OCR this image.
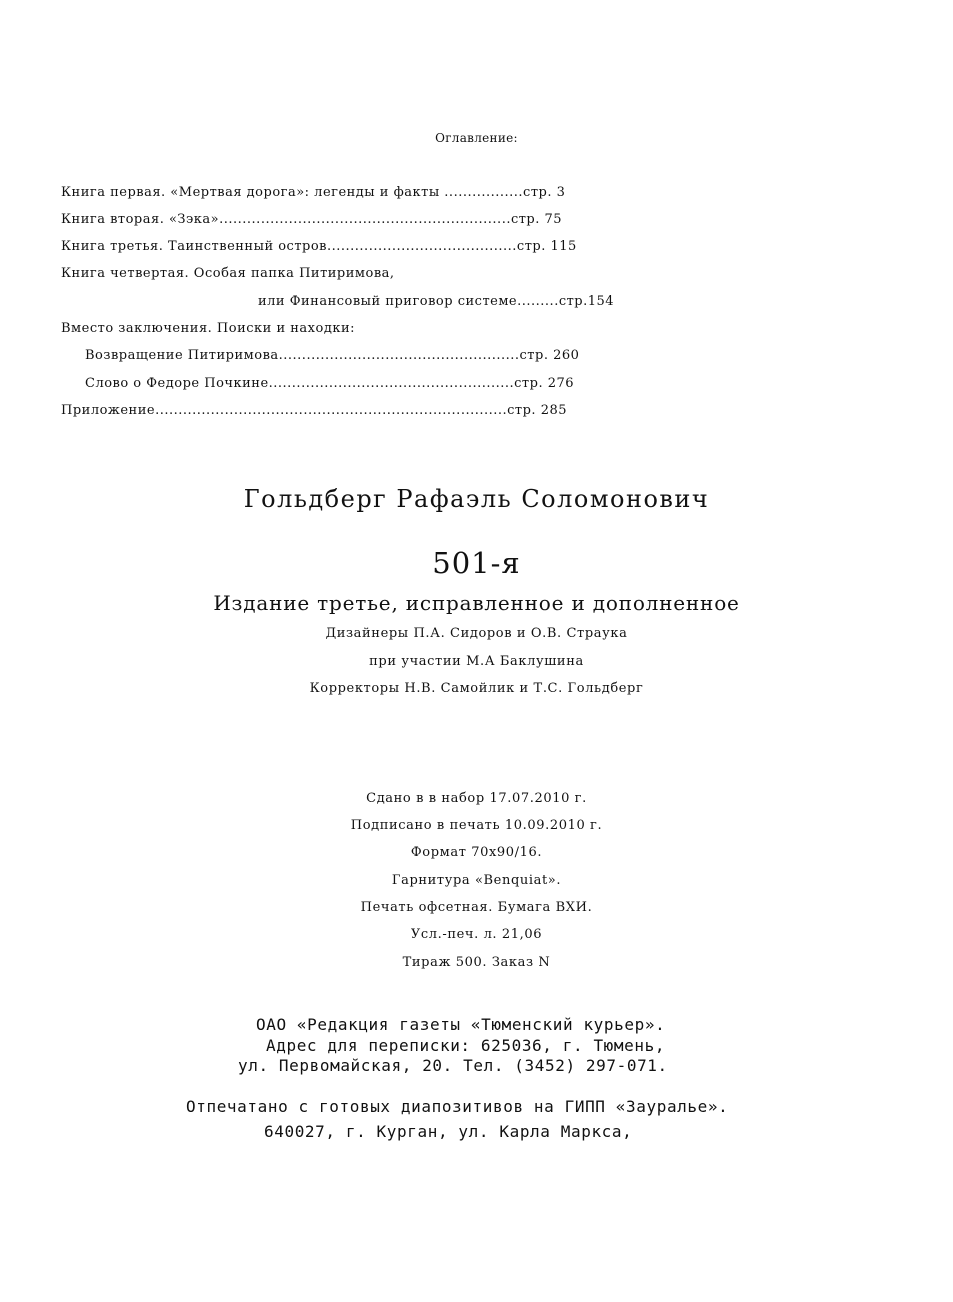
Оглавление:
Книга первая. «Мертвая дорога»: легенды и факты .................стр. 3
Книга вторая. «Зэка»...............................................................стр. 75
Книга третья. Таинственный остров.........................................стр. 115
Книга четвертая. Особая папка Питиримова,
или Финансовый приговор системе.........стр.154
Вместо заключения. Поиски и находки:
Возвращение Питиримова....................................................стр. 260
Слово о Федоре Почкине.....................................................стр. 276
Приложение............................................................................стр. 285
Гольдберг Рафаэль Соломонович
501-я
Издание третье, исправленное и дополненное
Дизайнеры П.А. Сидоров и О.В. Страука
при участии М.А Баклушина
Корректоры Н.В. Самойлик и Т.С. Гольдберг
Сдано в в набор 17.07.2010 г.
Подписано в печать 10.09.2010 г.
Формат 70х90/16.
Гарнитура «Benquiat».
Печать офсетная. Бумага ВХИ.
Усл.-печ. л. 21,06
Тираж 500. Заказ N
ОАО «Редакция газеты «Тюменский курьер».
Адрес для переписки: 625036, г. Тюмень,
ул. Первомайская, 20. Тел. (3452) 297-071.
Отпечатано с готовых диапозитивов на ГИПП «Зауралье».
640027, г. Курган, ул. Карла Маркса,
